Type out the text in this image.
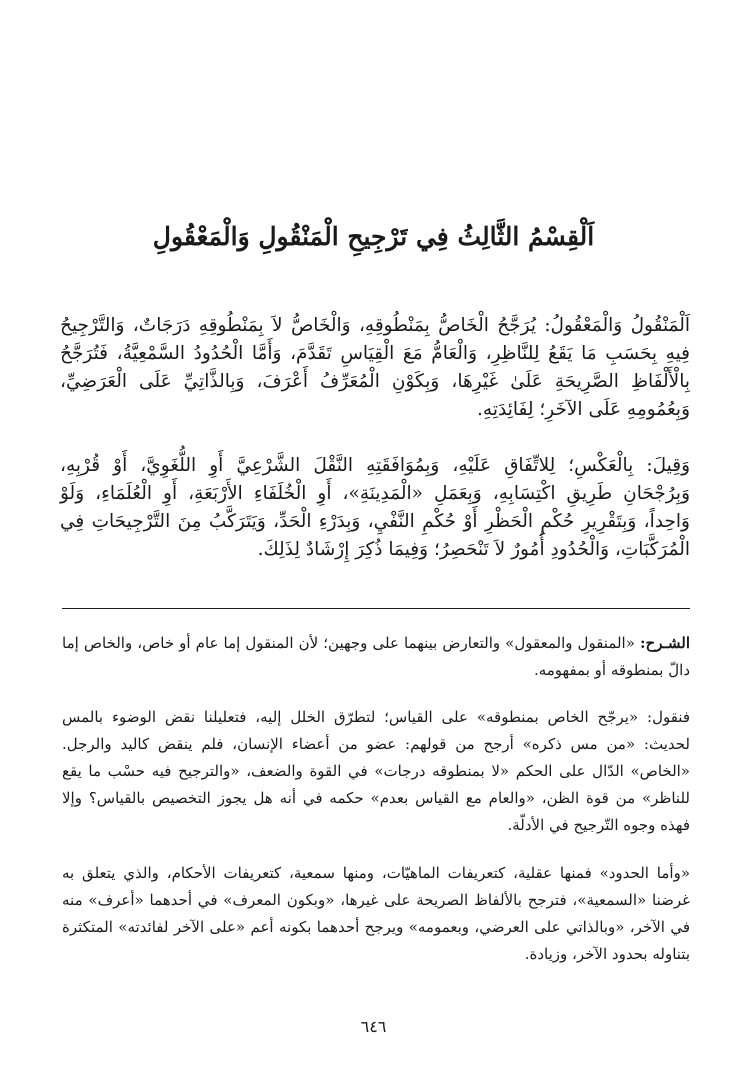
اَلْقِسْمُ الثَّالِثُ فِي تَرْجِيحِ الْمَنْقُولِ وَالْمَعْقُولِ

اَلْمَنْقُولُ وَالْمَعْقُولُ: يُرَجَّحُ الْخَاصُّ بِمَنْطُوقِهِ، وَالْخَاصُّ لاَ بِمَنْطُوقِهِ دَرَجَاتٌ، وَالتَّرْجِيحُ فِيهِ بِحَسَبِ مَا يَقَعُ لِلنَّاظِرِ، وَالْعَامُّ مَعَ الْقِيَاسِ تَقَدَّمَ، وَأَمَّا الْحُدُودُ السَّمْعِيَّةُ، فَتُرَجَّحُ بِالْأَلْفَاظِ الصَّرِيحَةِ عَلَىٰ غَيْرِهَا، وَبِكَوْنِ الْمُعَرِّفُ أَعْرَفَ، وَبِالذَّاتِيِّ عَلَى الْعَرَضِيِّ، وَبِعُمُومِهِ عَلَى الآخَرِ؛ لِفَائِدَتِهِ.

وَقِيلَ: بِالْعَكْسِ؛ لِلاتِّفَاقِ عَلَيْهِ، وَبِمُوَافَقَتِهِ النَّقْلَ الشَّرْعِيَّ أَوِ اللُّغَوِيَّ، أَوْ قُرْبِهِ، وَبِرُجْحَانِ طَرِيقِ اكْتِسَابِهِ، وَبِعَمَلِ «الْمَدِينَةِ»، أَوِ الْخُلَفَاءِ الأَرْبَعَةِ، أَوِ الْعُلَمَاءِ، وَلَوْ وَاحِداً، وَبِتَقْرِيرِ حُكْمِ الْحَظْرِ أَوْ حُكْمِ النَّفْيِ، وَبِدَرْءِ الْحَدِّ، وَيَتَرَكَّبُ مِنَ التَّرْجِيحَاتِ فِي الْمُرَكَّبَاتِ، وَالْحُدُودِ أُمُورٌ لاَ تَنْحَصِرُ؛ وَفِيمَا ذُكِرَ إِرْشَادٌ لِذَلِكَ.

الشـرح: «المنقول والمعقول» والتعارض بينهما على وجهين؛ لأن المنقول إما عام أو خاص، والخاص إما دالّ بمنطوقه أو بمفهومه.

فنقول: «يرجّح الخاص بمنطوقه» على القياس؛ لتطرّق الخلل إليه، فتعليلنا نقض الوضوء بالمس لحديث: «من مس ذكره» أرجح من قولهم: عضو من أعضاء الإنسان، فلم ينقض كاليد والرجل. «الخاص» الدّال على الحكم «لا بمنطوقه درجات» في القوة والضعف، «والترجيح فيه حسْب ما يقع للناظر» من قوة الظن، «والعام مع القياس بعدم» حكمه في أنه هل يجوز التخصيص بالقياس؟ وإلا فهذه وجوه التّرجيح في الأدلّة.

«وأما الحدود» فمنها عقلية، كتعريفات الماهيّات، ومنها سمعية، كتعريفات الأحكام، والذي يتعلق به غرضنا «السمعية»، فترجح بالألفاظ الصريحة على غيرها، «وبكون المعرف» في أحدهما «أعرف» منه في الآخر، «وبالذاتي على العرضي، وبعمومه» ويرجح أحدهما بكونه أعم «على الآخر لفائدته» المتكثرة بتناوله بحدود الآخر، وزيادة.

٦٤٦
